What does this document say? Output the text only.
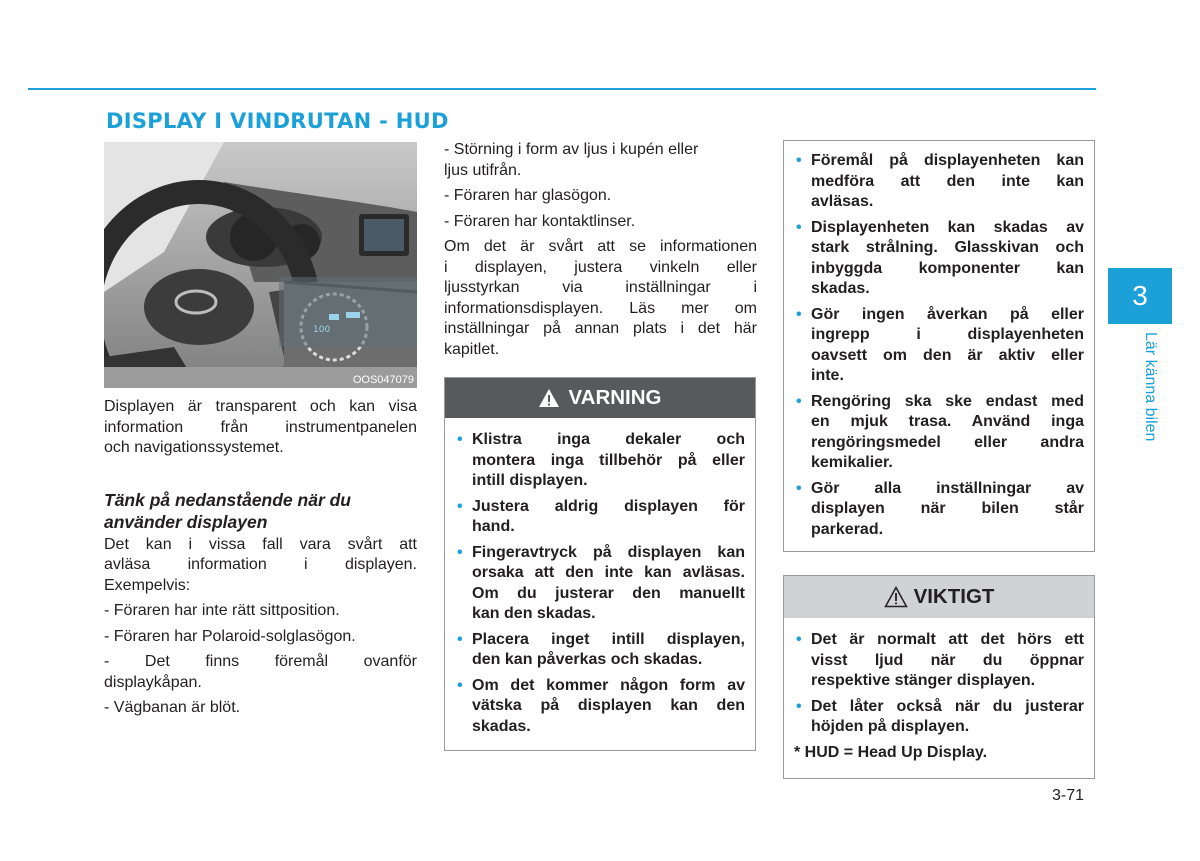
DISPLAY I VINDRUTAN - HUD
100
OOS047079
Displayen är transparent och kan visa
information från instrumentpanelen
och navigationssystemet.
Tänk på nedanstående när du
använder displayen
Det kan i vissa fall vara svårt att
avläsa information i displayen.
Exempelvis:
- Föraren har inte rätt sittposition.
- Föraren har Polaroid-solglasögon.
- Det finns föremål ovanför
displaykåpan.
- Vägbanan är blöt.
- Störning i form av ljus i kupén eller
ljus utifrån.
- Föraren har glasögon.
- Föraren har kontaktlinser.
Om det är svårt att se informationen
i displayen, justera vinkeln eller
ljusstyrkan via inställningar i
informationsdisplayen. Läs mer om
inställningar på annan plats i det här
kapitlet.
VARNING
• Klistra inga dekaler och
montera inga tillbehör på eller
intill displayen.
• Justera aldrig displayen för
hand.
• Fingeravtryck på displayen kan
orsaka att den inte kan avläsas.
Om du justerar den manuellt
kan den skadas.
• Placera inget intill displayen,
den kan påverkas och skadas.
• Om det kommer någon form av
vätska på displayen kan den
skadas.
• Föremål på displayenheten kan
medföra att den inte kan
avläsas.
• Displayenheten kan skadas av
stark strålning. Glasskivan och
inbyggda komponenter kan
skadas.
• Gör ingen åverkan på eller
ingrepp i displayenheten
oavsett om den är aktiv eller
inte.
• Rengöring ska ske endast med
en mjuk trasa. Använd inga
rengöringsmedel eller andra
kemikalier.
• Gör alla inställningar av
displayen när bilen står
parkerad.
VIKTIGT
• Det är normalt att det hörs ett
visst ljud när du öppnar
respektive stänger displayen.
• Det låter också när du justerar
höjden på displayen.
* HUD = Head Up Display.
3
Lär känna bilen
3-71
